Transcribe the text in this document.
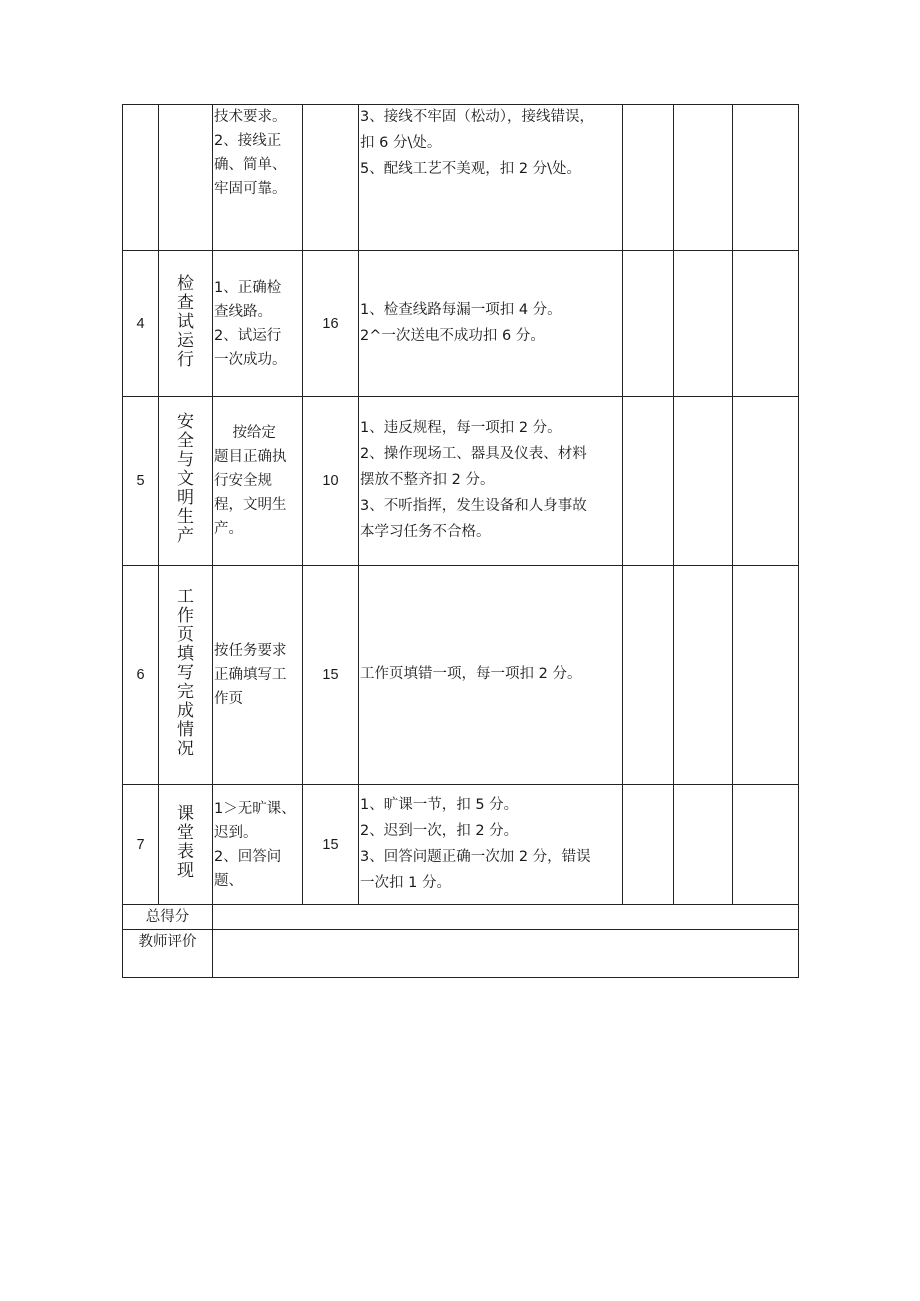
		技术要求。
2、接线正
确、简单、
牢固可靠。		3、接线不牢固（松动），接线错误，
扣 6 分\处。
5、配线工艺不美观，扣 2 分\处。			

4	检查试运行	1、正确检
查线路。
2、试运行
一次成功。	16	1、检查线路每漏一项扣 4 分。
2^一次送电不成功扣 6 分。			

5	安全与文明生产	按给定
题目正确执
行安全规
程，文明生
产。	10	1、违反规程，每一项扣 2 分。
2、操作现场工、器具及仪表、材料
摆放不整齐扣 2 分。
3、不听指挥，发生设备和人身事故
本学习任务不合格。			

6	工作页填写完成情况	按任务要求
正确填写工
作页	15	工作页填错一项，每一项扣 2 分。			

7	课堂表现	1＞无旷课、
迟到。
2、回答问题、	15	1、旷课一节，扣 5 分。
2、迟到一次，扣 2 分。
3、回答问题正确一次加 2 分，错误
一次扣 1 分。			

总得分							
教师评价							
